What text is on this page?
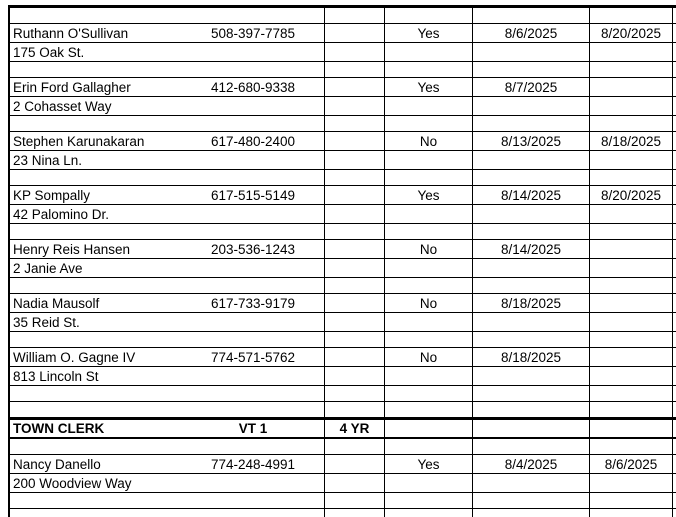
Ruthann O'Sullivan	508-397-7785	Yes	8/6/2025	8/20/2025
175 Oak St.
Erin Ford Gallagher	412-680-9338	Yes	8/7/2025
2 Cohasset Way
Stephen Karunakaran	617-480-2400	No	8/13/2025	8/18/2025
23 Nina Ln.
KP Sompally	617-515-5149	Yes	8/14/2025	8/20/2025
42 Palomino Dr.
Henry Reis Hansen	203-536-1243	No	8/14/2025
2 Janie Ave
Nadia Mausolf	617-733-9179	No	8/18/2025
35 Reid St.
William O. Gagne IV	774-571-5762	No	8/18/2025
813 Lincoln St
TOWN CLERK	VT 1	4 YR
Nancy Danello	774-248-4991	Yes	8/4/2025	8/6/2025
200 Woodview Way
